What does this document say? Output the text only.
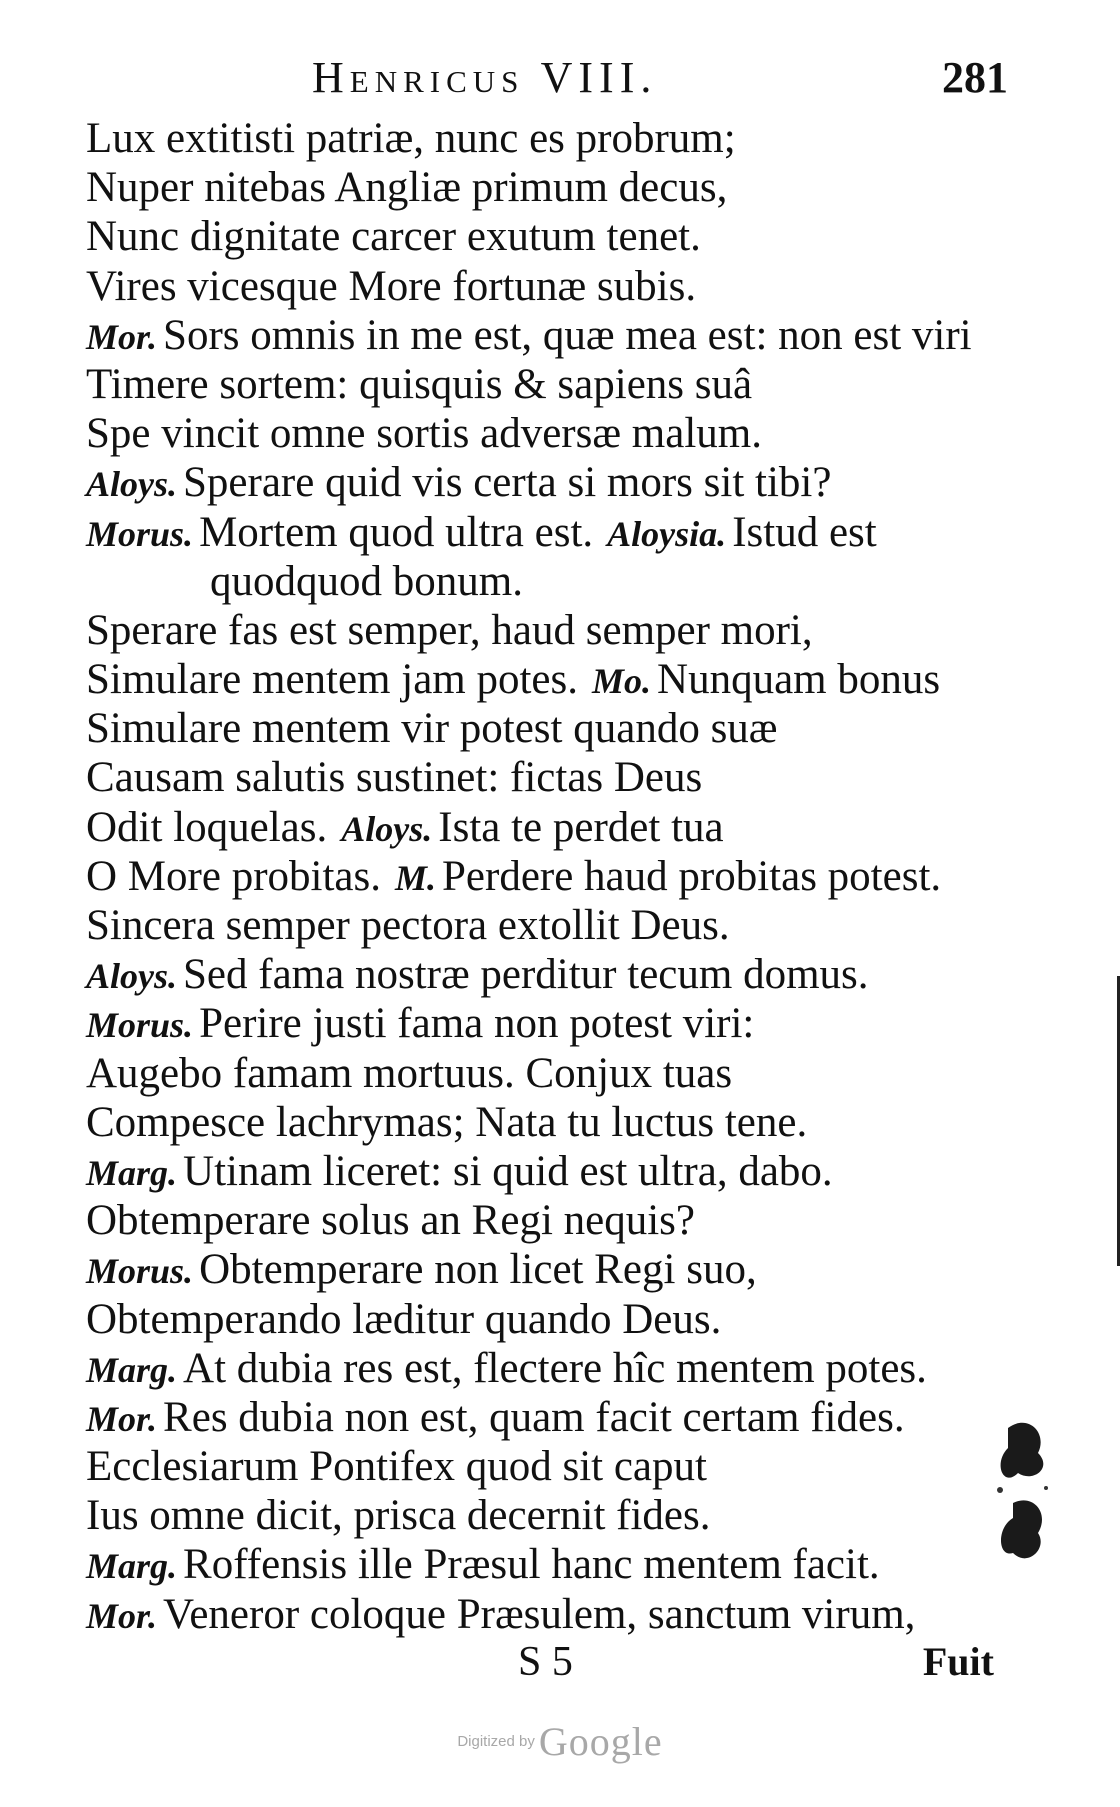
Henricus VIII.	281
Lux extitisti patriæ, nunc es probrum;
Nuper nitebas Angliæ primum decus,
Nunc dignitate carcer exutum tenet.
Vires vicesque More fortunæ subis.
Mor. Sors omnis in me est, quæ mea est: non est viri
Timere sortem: quisquis & sapiens suâ
Spe vincit omne sortis adversæ malum.
Aloys. Sperare quid vis certa si mors sit tibi?
Morus. Mortem quod ultra est. Aloysia. Istud est
quodquod bonum.
Sperare fas est semper, haud semper mori,
Simulare mentem jam potes. Mo. Nunquam bonus
Simulare mentem vir potest quando suæ
Causam salutis sustinet: fictas Deus
Odit loquelas. Aloys. Ista te perdet tua
O More probitas. M. Perdere haud probitas potest.
Sincera semper pectora extollit Deus.
Aloys. Sed fama nostræ perditur tecum domus.
Morus. Perire justi fama non potest viri:
Augebo famam mortuus. Conjux tuas
Compesce lachrymas; Nata tu luctus tene.
Marg. Utinam liceret: si quid est ultra, dabo.
Obtemperare solus an Regi nequis?
Morus. Obtemperare non licet Regi suo,
Obtemperando læditur quando Deus.
Marg. At dubia res est, flectere hîc mentem potes.
Mor. Res dubia non est, quam facit certam fides.
Ecclesiarum Pontifex quod sit caput
Ius omne dicit, prisca decernit fides.
Marg. Roffensis ille Præsul hanc mentem facit.
Mor. Veneror coloque Præsulem, sanctum virum,
S 5	Fuit
Digitized by Google
